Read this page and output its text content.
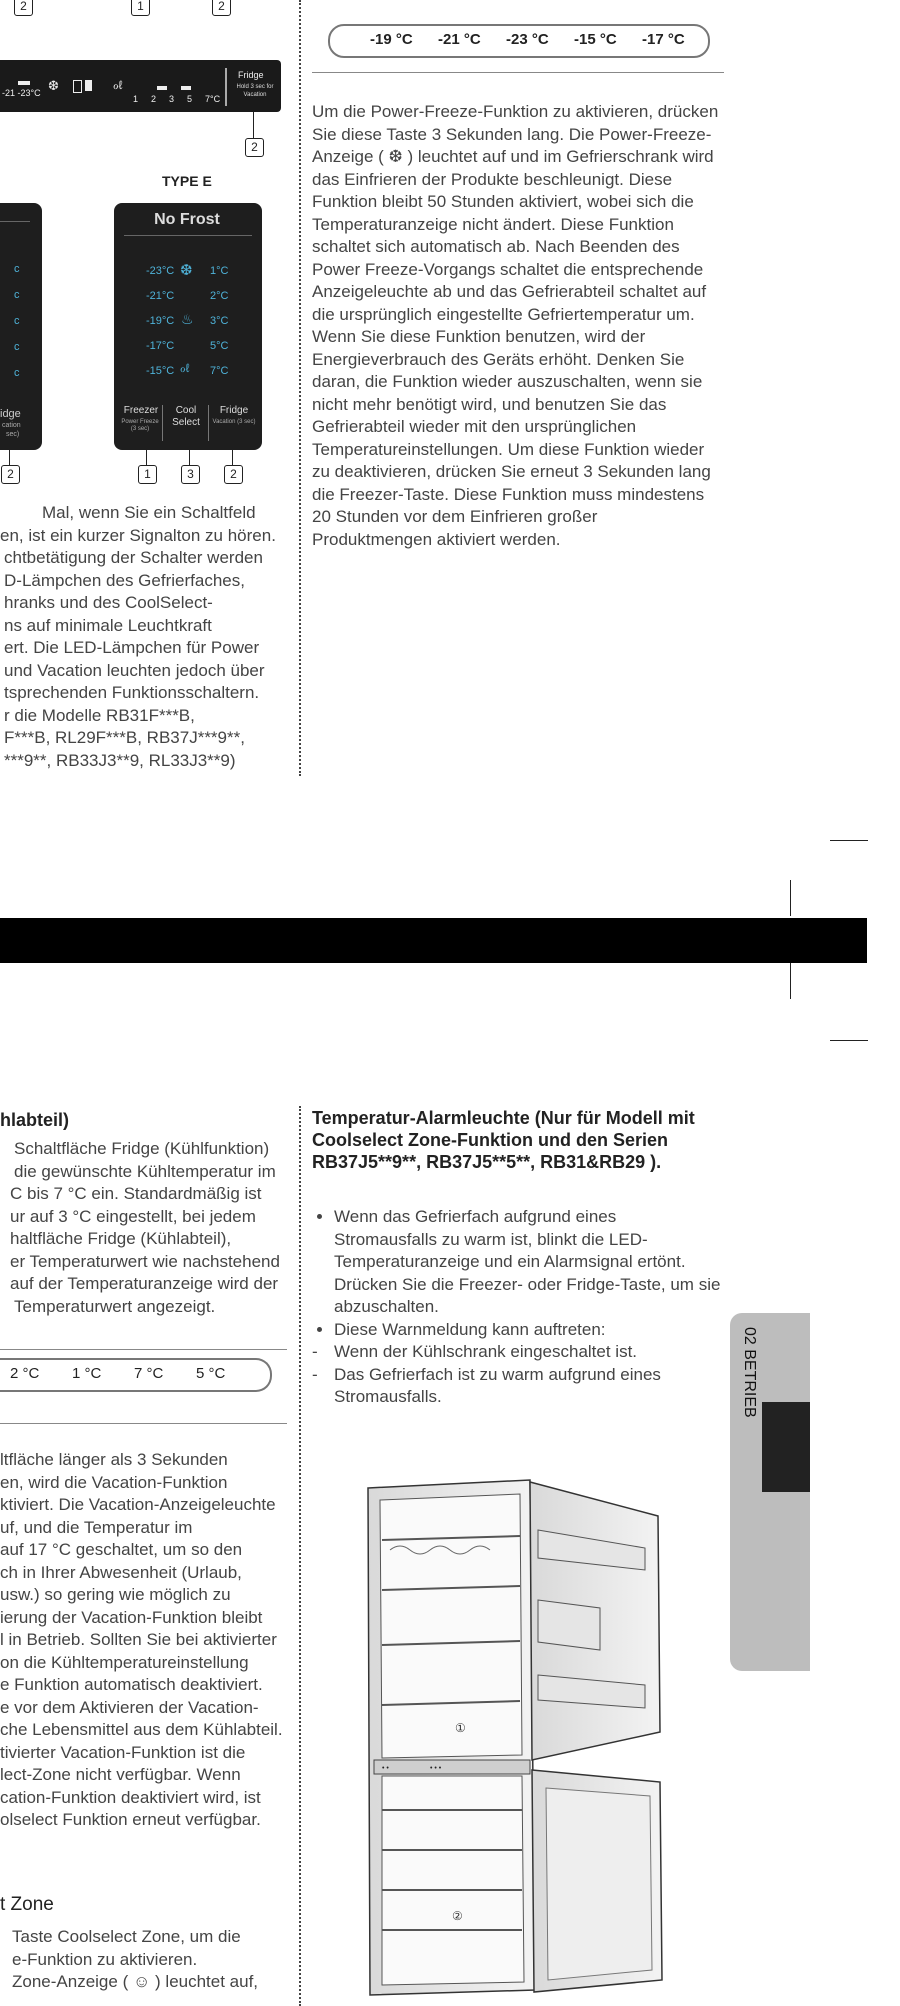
2	1	2
-21 -23°C ❆	ℴℓ
1 2 3 5 7°C
Fridge
Hold 3 sec for Vacation
2
TYPE E
c
c
c
c
c
idge
cation
sec)
2
No Frost
-23°C
-21°C
-19°C
-17°C
-15°C
❆
♨
ℴℓ
1°C
2°C
3°C
5°C
7°C
Freezer
Power Freeze (3 sec)
Cool Select
Fridge
Vacation (3 sec)
1	3	2
Mal, wenn Sie ein Schaltfeld
en, ist ein kurzer Signalton zu hören.
chtbetätigung der Schalter werden
D-Lämpchen des Gefrierfaches,
hranks und des CoolSelect-
ns auf minimale Leuchtkraft
ert. Die LED-Lämpchen für Power
und Vacation leuchten jedoch über
tsprechenden Funktionsschaltern.
r die Modelle RB31F***B,
F***B, RL29F***B, RB37J***9**,
***9**, RB33J3**9, RL33J3**9)
-19 °C -21 °C -23 °C -15 °C -17 °C

Um die Power-Freeze-Funktion zu aktivieren, drücken Sie diese Taste 3 Sekunden lang. Die Power-Freeze-Anzeige ( ❆ ) leuchtet auf und im Gefrierschrank wird das Einfrieren der Produkte beschleunigt. Diese Funktion bleibt 50 Stunden aktiviert, wobei sich die Temperaturanzeige nicht ändert. Diese Funktion schaltet sich automatisch ab. Nach Beenden des Power Freeze-Vorgangs schaltet die entsprechende Anzeigeleuchte ab und das Gefrierabteil schaltet auf die ursprünglich eingestellte Gefriertemperatur um. Wenn Sie diese Funktion benutzen, wird der Energieverbrauch des Geräts erhöht. Denken Sie daran, die Funktion wieder auszuschalten, wenn sie nicht mehr benötigt wird, und benutzen Sie das Gefrierabteil wieder mit den ursprünglichen Temperatureinstellungen. Um diese Funktion wieder zu deaktivieren, drücken Sie erneut 3 Sekunden lang die Freezer-Taste. Diese Funktion muss mindestens 20 Stunden vor dem Einfrieren großer Produktmengen aktiviert werden.

hlabteil)
Schaltfläche Fridge (Kühlfunktion)
die gewünschte Kühltemperatur im
C bis 7 °C ein. Standardmäßig ist
ur auf 3 °C eingestellt, bei jedem
haltfläche Fridge (Kühlabteil),
er Temperaturwert wie nachstehend
auf der Temperaturanzeige wird der
Temperaturwert angezeigt.
2 °C 1 °C 7 °C 5 °C
ltfläche länger als 3 Sekunden
en, wird die Vacation-Funktion
ktiviert. Die Vacation-Anzeigeleuchte
uf, und die Temperatur im
auf 17 °C geschaltet, um so den
ch in Ihrer Abwesenheit (Urlaub,
usw.) so gering wie möglich zu
ierung der Vacation-Funktion bleibt
l in Betrieb. Sollten Sie bei aktivierter
on die Kühltemperatureinstellung
e Funktion automatisch deaktiviert.
e vor dem Aktivieren der Vacation-
che Lebensmittel aus dem Kühlabteil.
tivierter Vacation-Funktion ist die
lect-Zone nicht verfügbar. Wenn
cation-Funktion deaktiviert wird, ist
olselect Funktion erneut verfügbar.
t Zone
Taste Coolselect Zone, um die
e-Funktion zu aktivieren.
Zone-Anzeige ( ☺ ) leuchtet auf,
Temperatur-Alarmleuchte (Nur für Modell mit Coolselect Zone-Funktion und den Serien RB37J5**9**, RB37J5**5**, RB31&RB29 ).
• Wenn das Gefrierfach aufgrund eines Stromausfalls zu warm ist, blinkt die LED-Temperaturanzeige und ein Alarmsignal ertönt. Drücken Sie die Freezer- oder Fridge-Taste, um sie abzuschalten.
• Diese Warnmeldung kann auftreten:
- Wenn der Kühlschrank eingeschaltet ist.
- Das Gefrierfach ist zu warm aufgrund eines Stromausfalls.	02 BETRIEB
①
• •	• • •
②
